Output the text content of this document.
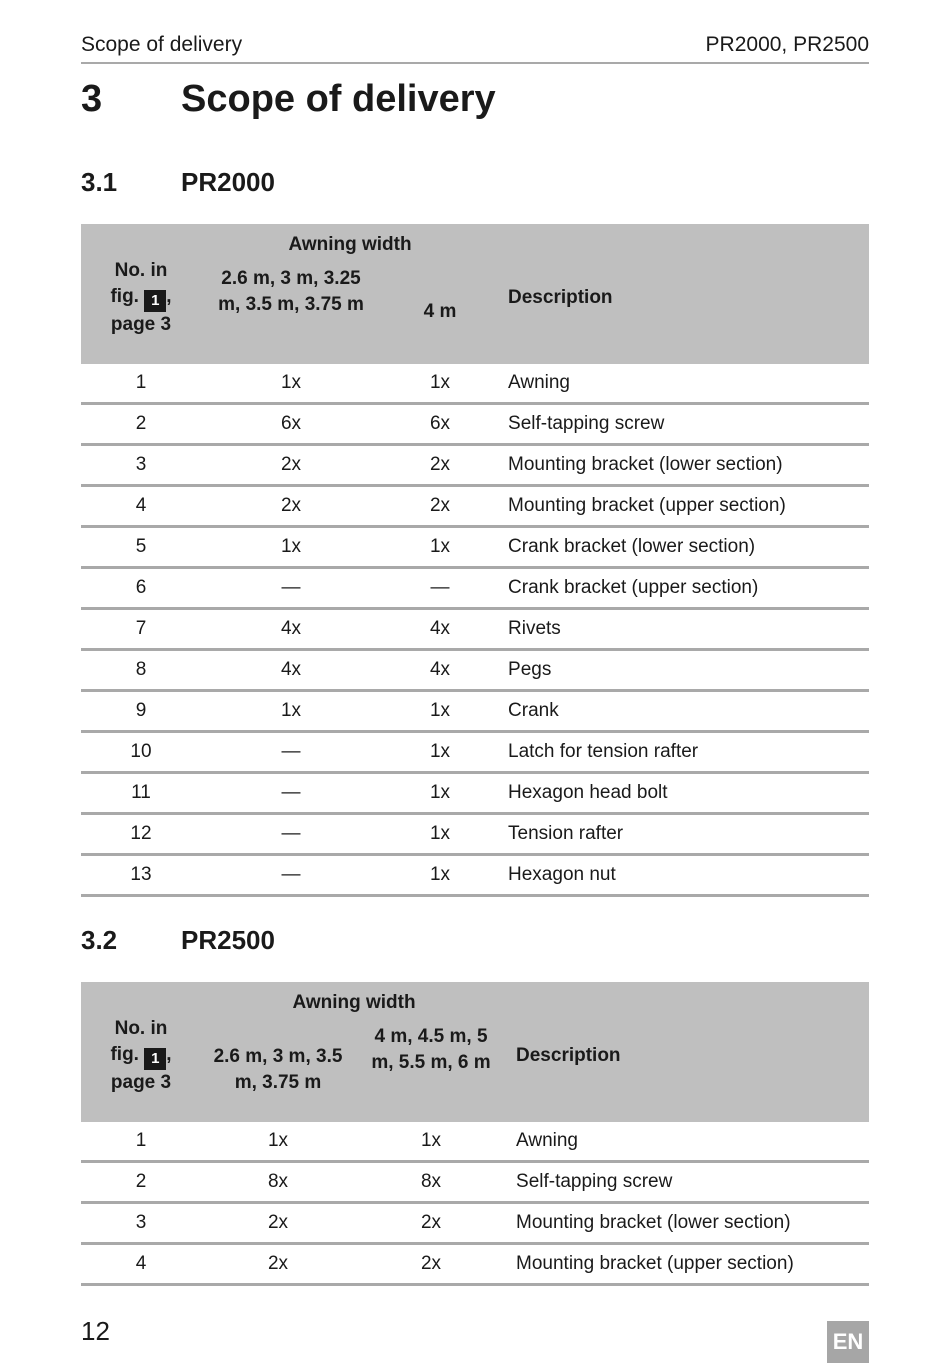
Scope of delivery	PR2000, PR2500
3 Scope of delivery
3.1 PR2000
No. in
fig. 1 ,
page 3	Awning width		Description
	2.6 m, 3 m, 3.25 m, 3.5 m, 3.75 m	4 m	
1	1x	1x	Awning
2	6x	6x	Self-tapping screw
3	2x	2x	Mounting bracket (lower section)
4	2x	2x	Mounting bracket (upper section)
5	1x	1x	Crank bracket (lower section)
6	—	—	Crank bracket (upper section)
7	4x	4x	Rivets
8	4x	4x	Pegs
9	1x	1x	Crank
10	—	1x	Latch for tension rafter
11	—	1x	Hexagon head bolt
12	—	1x	Tension rafter
13	—	1x	Hexagon nut
3.2 PR2500
No. in
fig. 1 ,
page 3	Awning width		Description
	2.6 m, 3 m, 3.5 m, 3.75 m	4 m, 4.5 m, 5 m, 5.5 m, 6 m	
1	1x	1x	Awning
2	8x	8x	Self-tapping screw
3	2x	2x	Mounting bracket (lower section)
4	2x	2x	Mounting bracket (upper section)
12	EN
